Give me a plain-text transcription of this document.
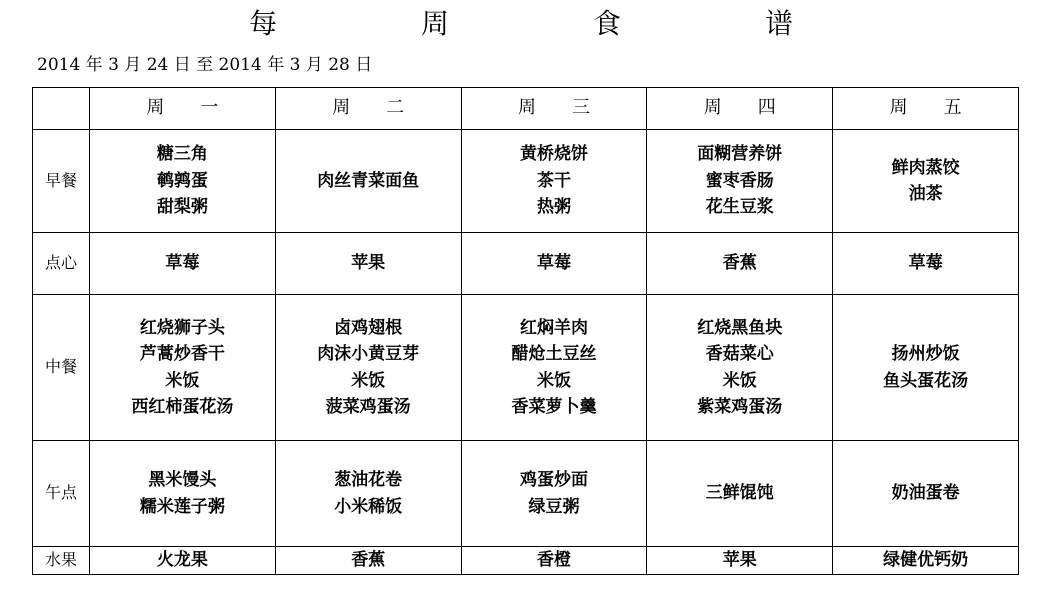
每　周　食　谱
2014 年 3 月 24 日 至 2014 年 3 月 28 日
	周　　一	周　　二	周　　三	周　　四	周　　五
早餐	糖三角
鹌鹑蛋
甜梨粥	肉丝青菜面鱼	黄桥烧饼
茶干
热粥	面糊营养饼
蜜枣香肠
花生豆浆	鲜肉蒸饺
油茶

点心	草莓	苹果	草莓	香蕉	草莓

中餐	红烧狮子头
芦蒿炒香干
米饭
西红柿蛋花汤	卤鸡翅根
肉沫小黄豆芽
米饭
菠菜鸡蛋汤	红焖羊肉
醋炝土豆丝
米饭
香菜萝卜羹	红烧黑鱼块
香菇菜心
米饭
紫菜鸡蛋汤	扬州炒饭
鱼头蛋花汤

午点	黑米馒头
糯米莲子粥	葱油花卷
小米稀饭	鸡蛋炒面
绿豆粥	三鲜馄饨	奶油蛋卷

水果	火龙果	香蕉	香橙	苹果	绿健优钙奶
